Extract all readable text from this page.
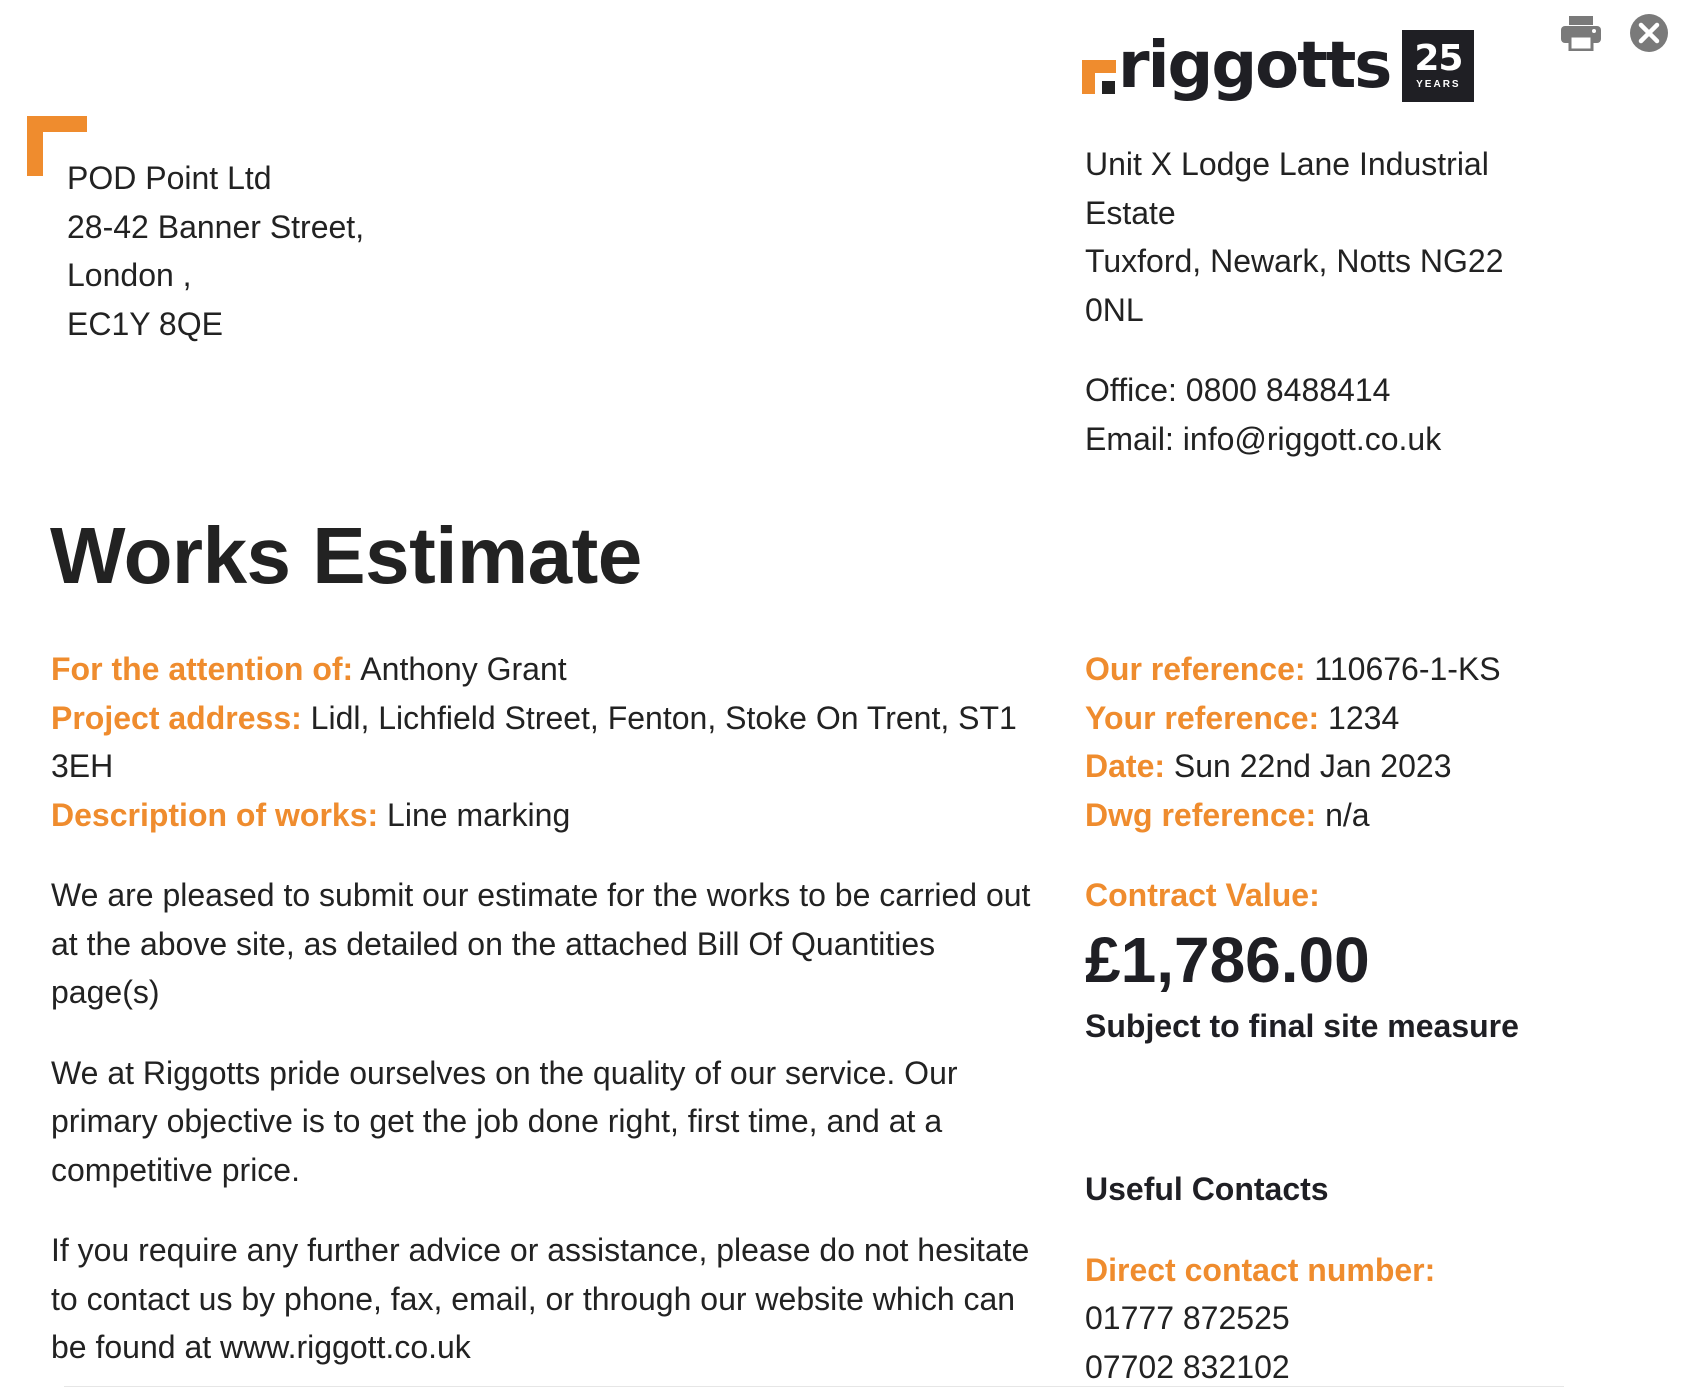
POD Point Ltd
28-42 Banner Street,
London ,
EC1Y 8QE
riggotts 25
YEARS
Unit X Lodge Lane Industrial
Estate
Tuxford, Newark, Notts NG22
0NL
Office: 0800 8488414
Email: info@riggott.co.uk
Works Estimate
For the attention of: Anthony Grant
Project address: Lidl, Lichfield Street, Fenton, Stoke On Trent, ST1 3EH
Description of works: Line marking

We are pleased to submit our estimate for the works to be carried out at the above site, as detailed on the attached Bill Of Quantities page(s)

We at Riggotts pride ourselves on the quality of our service. Our primary objective is to get the job done right, first time, and at a competitive price.

If you require any further advice or assistance, please do not hesitate to contact us by phone, fax, email, or through our website which can be found at www.riggott.co.uk

Our reference: 110676-1-KS
Your reference: 1234
Date: Sun 22nd Jan 2023
Dwg reference: n/a
Contract Value:
£1,786.00
Subject to final site measure
Useful Contacts
Direct contact number:
01777 872525
07702 832102
